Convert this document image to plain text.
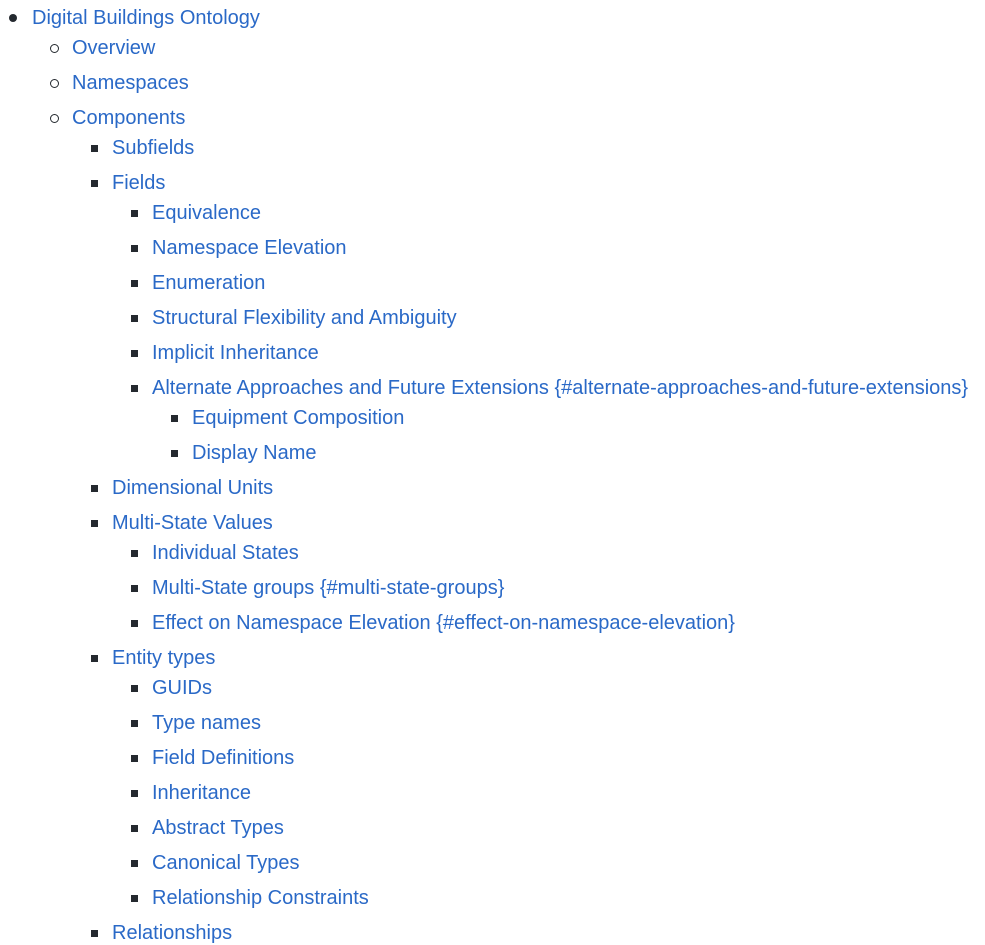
Digital Buildings Ontology
Overview
Namespaces
Components
Subfields
Fields
Equivalence
Namespace Elevation
Enumeration
Structural Flexibility and Ambiguity
Implicit Inheritance
Alternate Approaches and Future Extensions {#alternate-approaches-and-future-extensions}
Equipment Composition
Display Name
Dimensional Units
Multi-State Values
Individual States
Multi-State groups {#multi-state-groups}
Effect on Namespace Elevation {#effect-on-namespace-elevation}
Entity types
GUIDs
Type names
Field Definitions
Inheritance
Abstract Types
Canonical Types
Relationship Constraints
Relationships
